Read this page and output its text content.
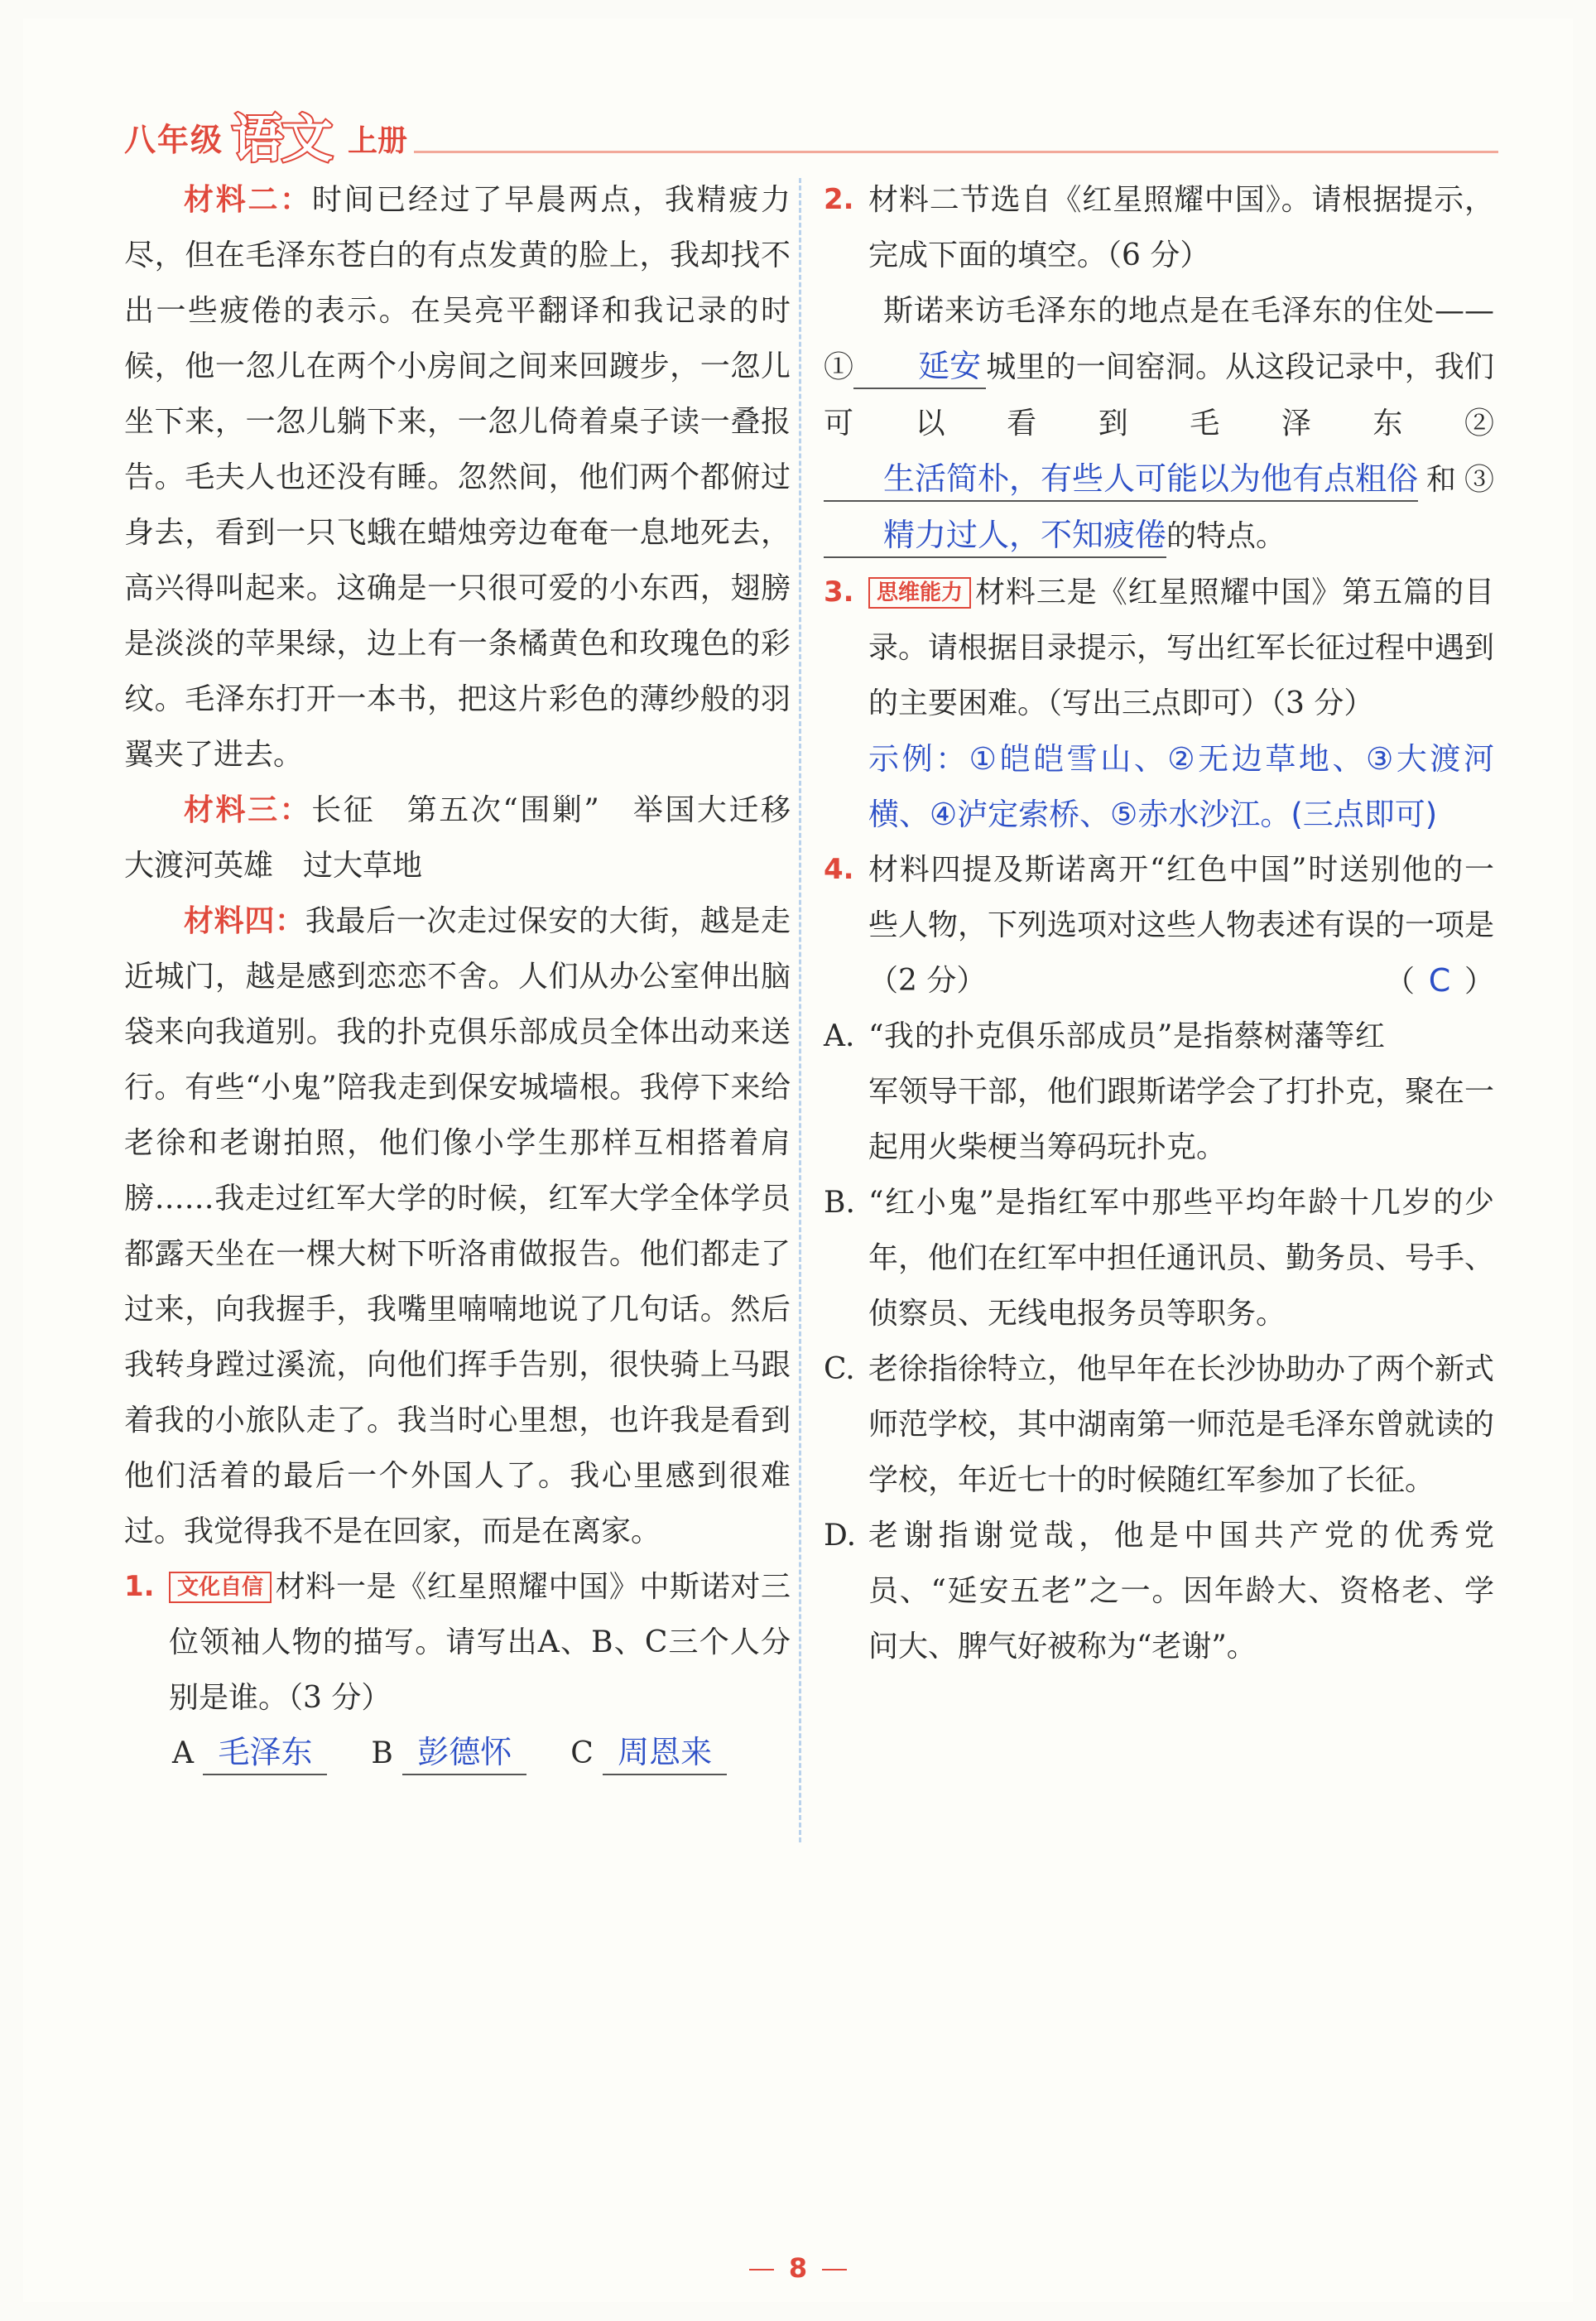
八年级 语文 上册

材料二：时间已经过了早晨两点，我精疲力尽，但在毛泽东苍白的有点发黄的脸上，我却找不出一些疲倦的表示。在吴亮平翻译和我记录的时候，他一忽儿在两个小房间之间来回踱步，一忽儿坐下来，一忽儿躺下来，一忽儿倚着桌子读一叠报告。毛夫人也还没有睡。忽然间，他们两个都俯过身去，看到一只飞蛾在蜡烛旁边奄奄一息地死去，高兴得叫起来。这确是一只很可爱的小东西，翅膀是淡淡的苹果绿，边上有一条橘黄色和玫瑰色的彩纹。毛泽东打开一本书，把这片彩色的薄纱般的羽翼夹了进去。

材料三：长征　第五次“围剿”　举国大迁移　大渡河英雄　过大草地

材料四：我最后一次走过保安的大街，越是走近城门，越是感到恋恋不舍。人们从办公室伸出脑袋来向我道别。我的扑克俱乐部成员全体出动来送行。有些“小鬼”陪我走到保安城墙根。我停下来给老徐和老谢拍照，他们像小学生那样互相搭着肩膀……我走过红军大学的时候，红军大学全体学员都露天坐在一棵大树下听洛甫做报告。他们都走了过来，向我握手，我嘴里喃喃地说了几句话。然后我转身蹚过溪流，向他们挥手告别，很快骑上马跟着我的小旅队走了。我当时心里想，也许我是看到他们活着的最后一个外国人了。我心里感到很难过。我觉得我不是在回家，而是在离家。

1.	文化自信 材料一是《红星照耀中国》中斯诺对三位领袖人物的描写。请写出A、B、C三个人分别是谁。（3 分）

A 毛泽东 B 彭德怀 C 周恩来

2. 材料二节选自《红星照耀中国》。请根据提示，完成下面的填空。（6 分）

斯诺来访毛泽东的地点是在毛泽东的住处——① 延安 城里的一间窑洞。从这段记录中，我们可以看到毛泽东②生活简朴，有些人可能以为他有点粗俗和③精力过人，不知疲倦的特点。

3.	思维能力 材料三是《红星照耀中国》第五篇的目录。请根据目录提示，写出红军长征过程中遇到的主要困难。（写出三点即可）（3 分）

示例：①皑皑雪山、②无边草地、③大渡河横、④泸定索桥、⑤赤水沙江。(三点即可)

4. 材料四提及斯诺离开“红色中国”时送别他的一些人物，下列选项对这些人物表述有误的一项是（2 分）	（ C ）

A. “我的扑克俱乐部成员”是指蔡树藩等红军领导干部，他们跟斯诺学会了打扑克，聚在一起用火柴梗当筹码玩扑克。

B. “红小鬼”是指红军中那些平均年龄十几岁的少年，他们在红军中担任通讯员、勤务员、号手、侦察员、无线电报务员等职务。

C. 老徐指徐特立，他早年在长沙协助办了两个新式师范学校，其中湖南第一师范是毛泽东曾就读的学校，年近七十的时候随红军参加了长征。

D. 老谢指谢觉哉，他是中国共产党的优秀党员、“延安五老”之一。因年龄大、资格老、学问大、脾气好被称为“老谢”。

8
